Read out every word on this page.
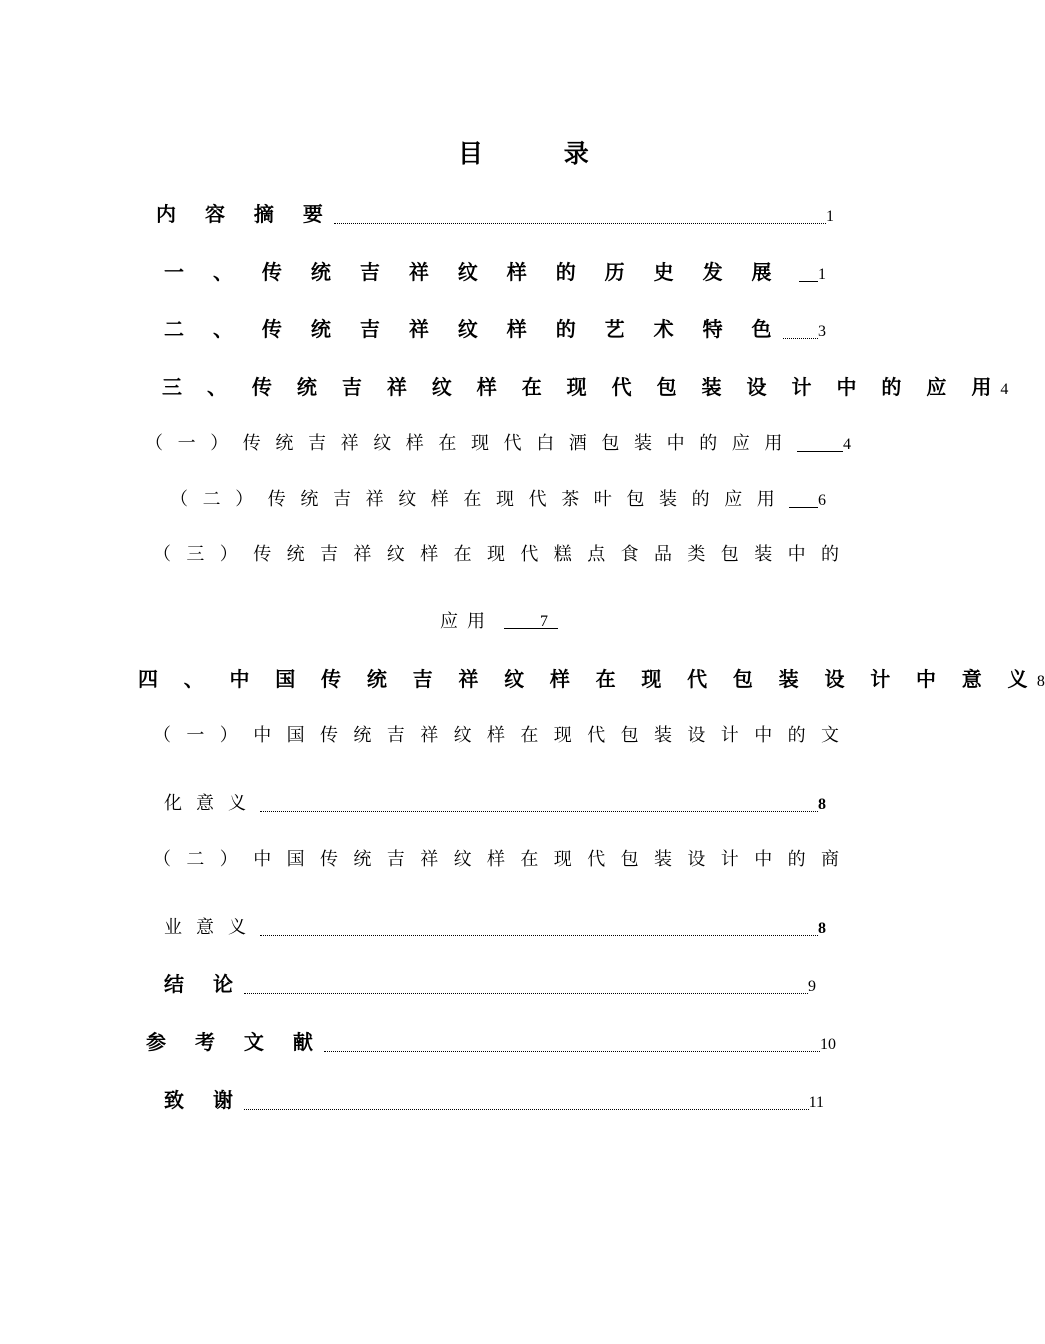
目 录
内 容 摘 要	1
一 、 传 统 吉 祥 纹 样 的 历 史 发 展 1
二 、 传 统 吉 祥 纹 样 的 艺 术 特 色 3
三 、 传 统 吉 祥 纹 样 在 现 代 包 装 设 计 中 的 应 用 4
（一）传统吉祥纹样在现代白酒包装中的应用	4
（二）传统吉祥纹样在现代茶叶包装的应用 6
（三）传统吉祥纹样在现代糕点食品类包装中的
应用	7
四 、 中 国 传 统 吉 祥 纹 样 在 现 代 包 装 设 计 中 意 义 8
（一）中国传统吉祥纹样在现代包装设计中的文
化意义	8
（二）中国传统吉祥纹样在现代包装设计中的商
业意义	8
结 论	9
参 考 文 献	10
致 谢	11
